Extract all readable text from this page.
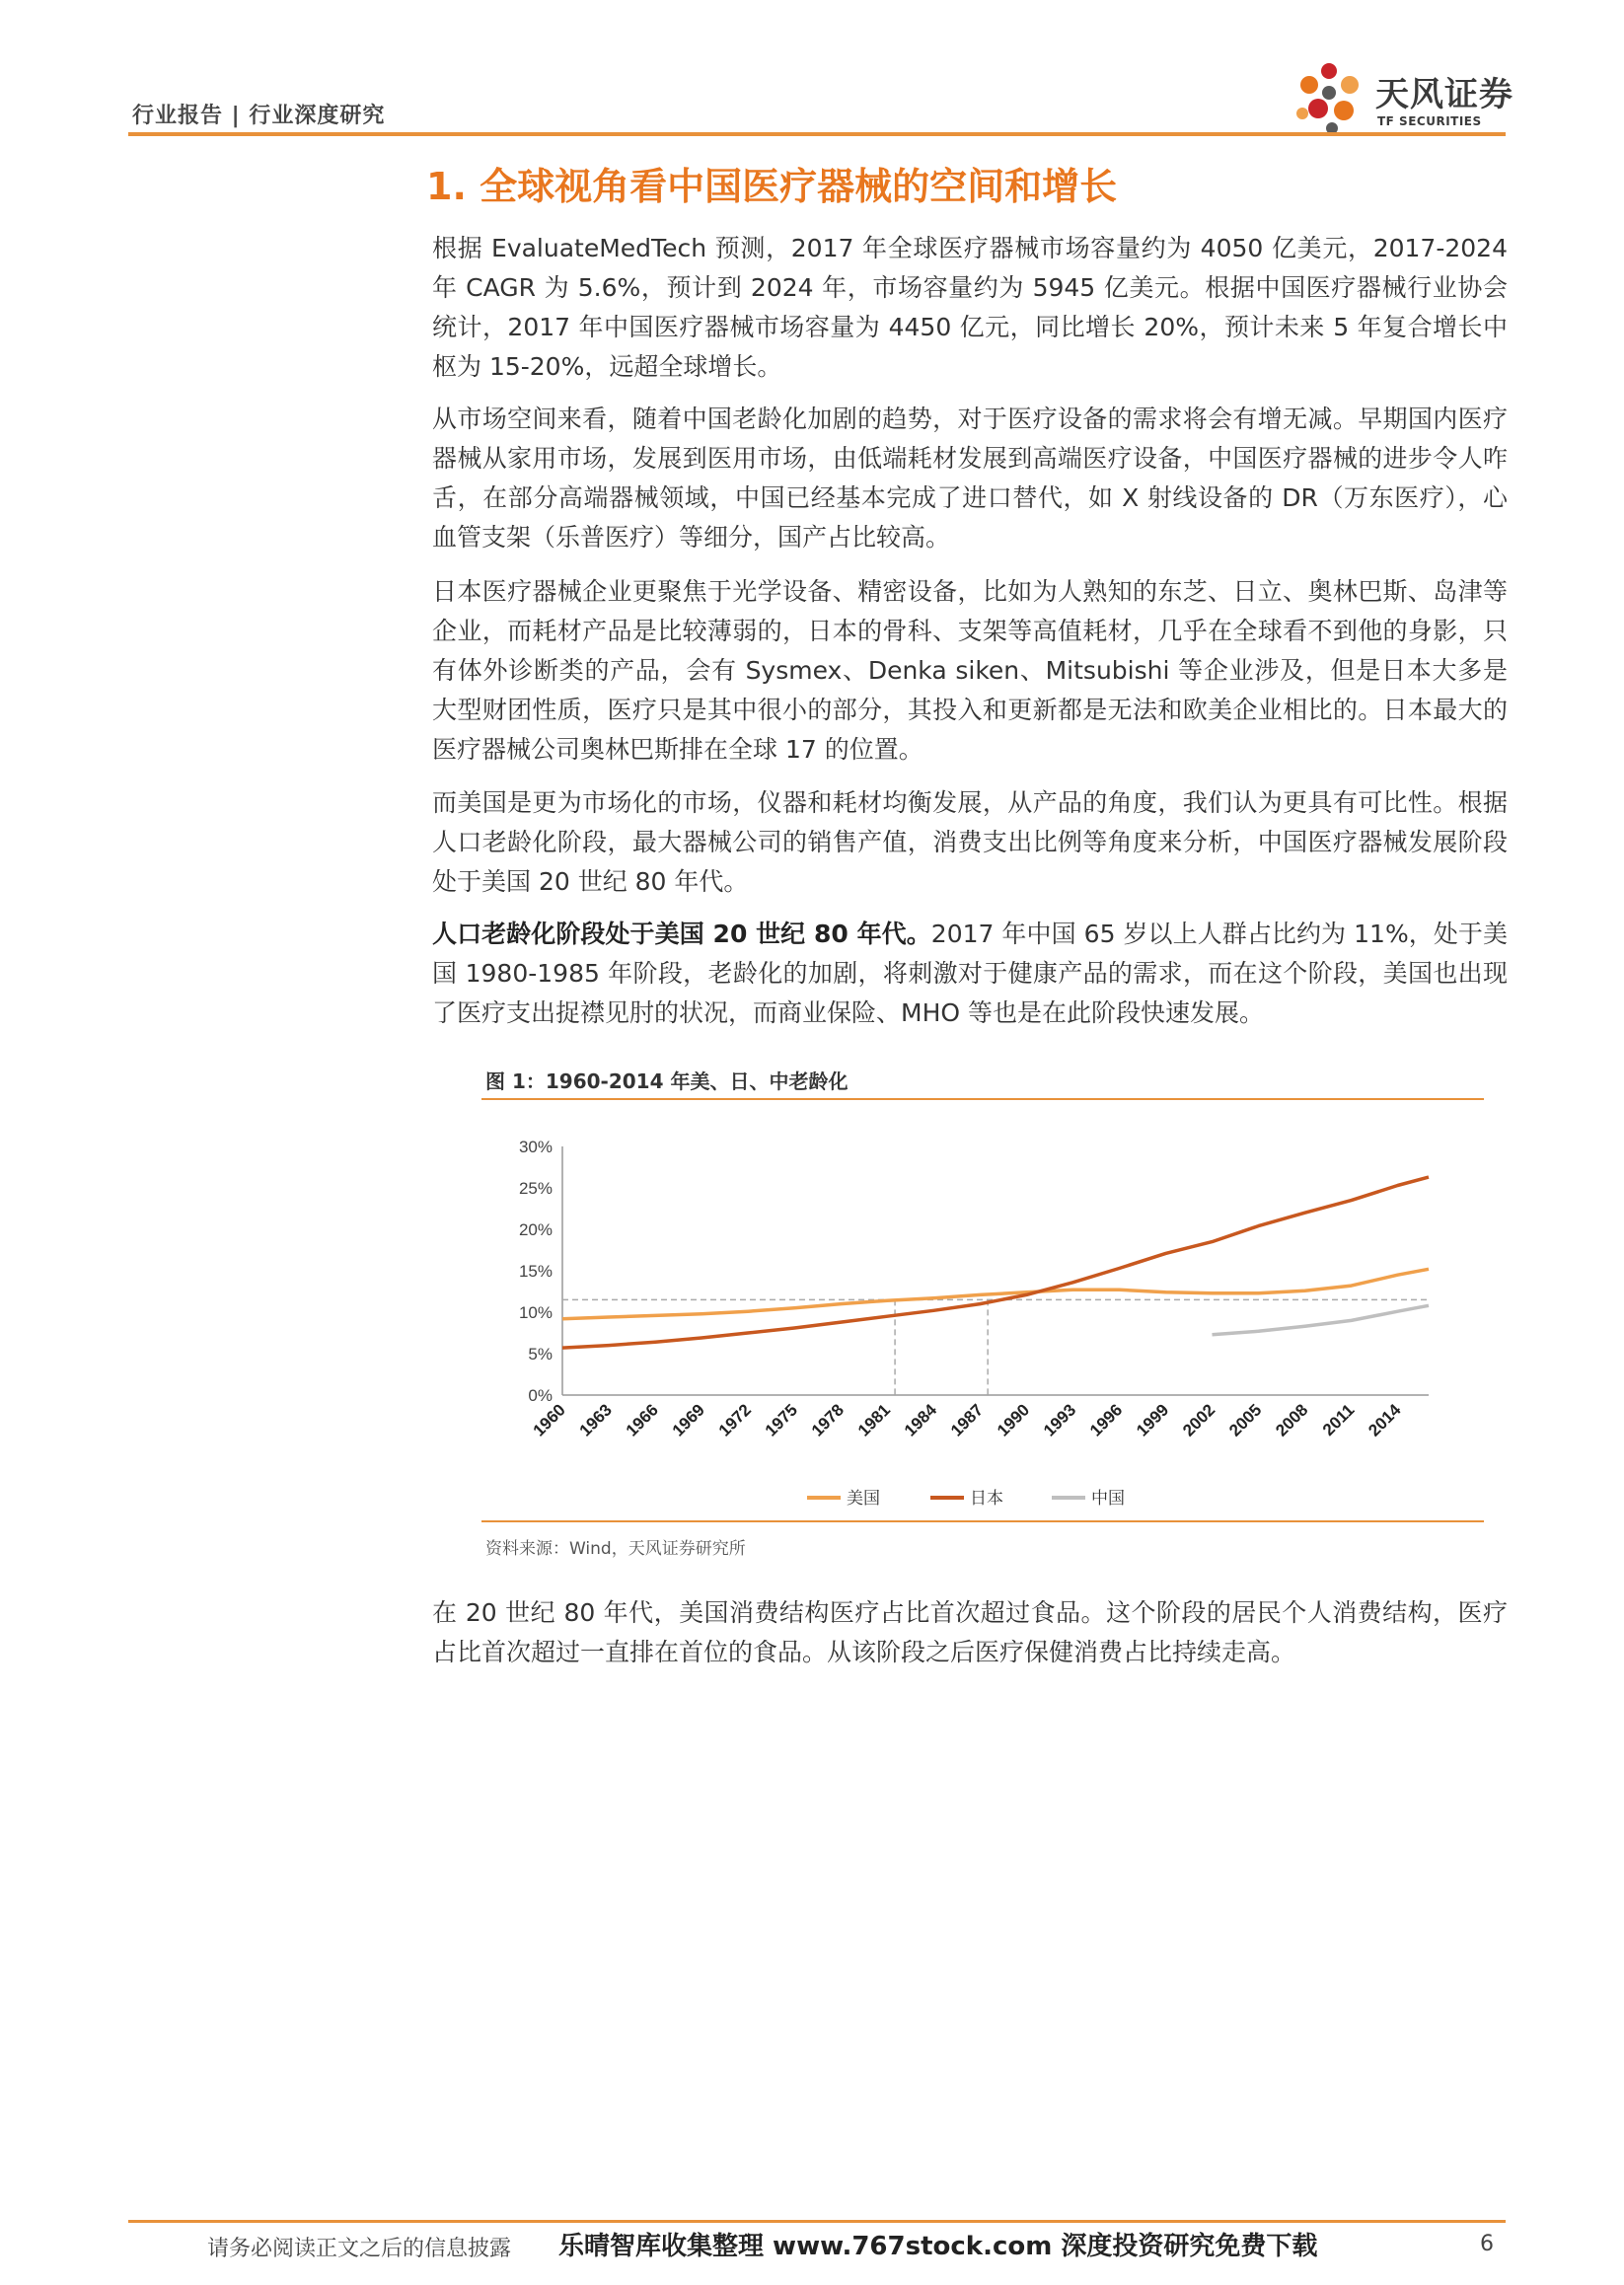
行业报告 | 行业深度研究
天风证券
TF SECURITIES
1. 全球视角看中国医疗器械的空间和增长

根据 EvaluateMedTech 预测，2017 年全球医疗器械市场容量约为 4050 亿美元，2017-2024 年 CAGR 为 5.6%，预计到 2024 年，市场容量约为 5945 亿美元。根据中国医疗器械行业协会统计，2017 年中国医疗器械市场容量为 4450 亿元，同比增长 20%，预计未来 5 年复合增长中枢为 15-20%，远超全球增长。

从市场空间来看，随着中国老龄化加剧的趋势，对于医疗设备的需求将会有增无减。早期国内医疗器械从家用市场，发展到医用市场，由低端耗材发展到高端医疗设备，中国医疗器械的进步令人咋舌，在部分高端器械领域，中国已经基本完成了进口替代，如 X 射线设备的 DR（万东医疗），心血管支架（乐普医疗）等细分，国产占比较高。

日本医疗器械企业更聚焦于光学设备、精密设备，比如为人熟知的东芝、日立、奥林巴斯、岛津等企业，而耗材产品是比较薄弱的，日本的骨科、支架等高值耗材，几乎在全球看不到他的身影，只有体外诊断类的产品，会有 Sysmex、Denka siken、Mitsubishi 等企业涉及，但是日本大多是大型财团性质，医疗只是其中很小的部分，其投入和更新都是无法和欧美企业相比的。日本最大的医疗器械公司奥林巴斯排在全球 17 的位置。

而美国是更为市场化的市场，仪器和耗材均衡发展，从产品的角度，我们认为更具有可比性。根据人口老龄化阶段，最大器械公司的销售产值，消费支出比例等角度来分析，中国医疗器械发展阶段处于美国 20 世纪 80 年代。

人口老龄化阶段处于美国 20 世纪 80 年代。2017 年中国 65 岁以上人群占比约为 11%，处于美国 1980-1985 年阶段，老龄化的加剧，将刺激对于健康产品的需求，而在这个阶段，美国也出现了医疗支出捉襟见肘的状况，而商业保险、MHO 等也是在此阶段快速发展。

图 1：1960-2014 年美、日、中老龄化
0%
5%
10%
15%
20%
25%
30%
1960 1963 1966 1969 1972 1975 1978 1981 1984 1987 1990 1993 1996 1999 2002 2005 2008 2011 2014
美国	日本	中国
资料来源：Wind，天风证券研究所

在 20 世纪 80 年代，美国消费结构医疗占比首次超过食品。这个阶段的居民个人消费结构，医疗占比首次超过一直排在首位的食品。从该阶段之后医疗保健消费占比持续走高。

请务必阅读正文之后的信息披露 乐晴智库收集整理 www.767stock.com 深度投资研究免费下载	6
